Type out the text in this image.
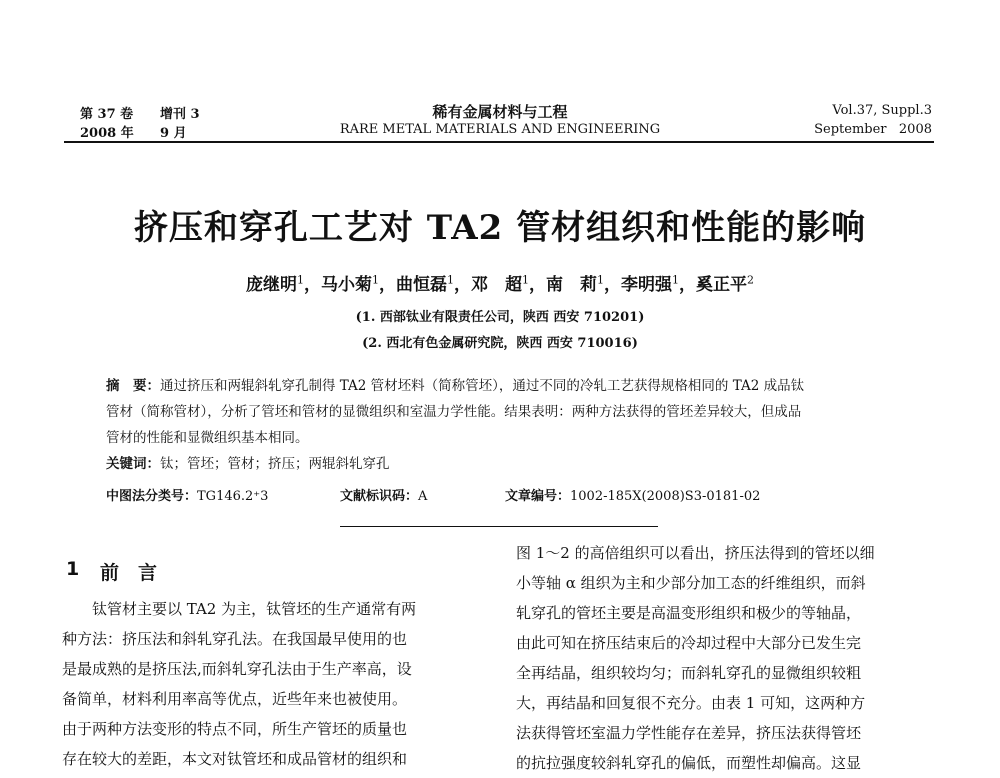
第 37 卷 增刊 3
2008 年 9 月
稀有金属材料与工程
RARE METAL MATERIALS AND ENGINEERING
Vol.37, Suppl.3
September   2008
挤压和穿孔工艺对 TA2 管材组织和性能的影响
庞继明$^1$，马小菊$^1$，曲恒磊$^1$，邓　超$^1$，南　莉$^1$，李明强$^1$，奚正平$^2$
(1. 西部钛业有限责任公司，陕西 西安 710201)
(2. 西北有色金属研究院，陕西 西安 710016)
摘　要：通过挤压和两辊斜轧穿孔制得 TA2 管材坯料（简称管坯），通过不同的冷轧工艺获得规格相同的 TA2 成品钛
管材（简称管材），分析了管坯和管材的显微组织和室温力学性能。结果表明：两种方法获得的管坯差异较大，但成品
管材的性能和显微组织基本相同。
关键词：钛；管坯；管材；挤压；两辊斜轧穿孔
中图法分类号：TG146.2⁺3	文献标识码：A	文章编号：1002-185X(2008)S3-0181-02
1 前　言
　　钛管材主要以 TA2 为主，钛管坯的生产通常有两
种方法：挤压法和斜轧穿孔法。在我国最早使用的也
是最成熟的是挤压法,而斜轧穿孔法由于生产率高，设
备简单，材料利用率高等优点，近些年来也被使用。
由于两种方法变形的特点不同，所生产管坯的质量也
存在较大的差距，本文对钛管坯和成品管材的组织和
图 1～2 的高倍组织可以看出，挤压法得到的管坯以细
小等轴 α 组织为主和少部分加工态的纤维组织，而斜
轧穿孔的管坯主要是高温变形组织和极少的等轴晶，
由此可知在挤压结束后的冷却过程中大部分已发生完
全再结晶，组织较均匀；而斜轧穿孔的显微组织较粗
大，再结晶和回复很不充分。由表 1 可知，这两种方
法获得管坯室温力学性能存在差异，挤压法获得管坯
的抗拉强度较斜轧穿孔的偏低，而塑性却偏高。这显
